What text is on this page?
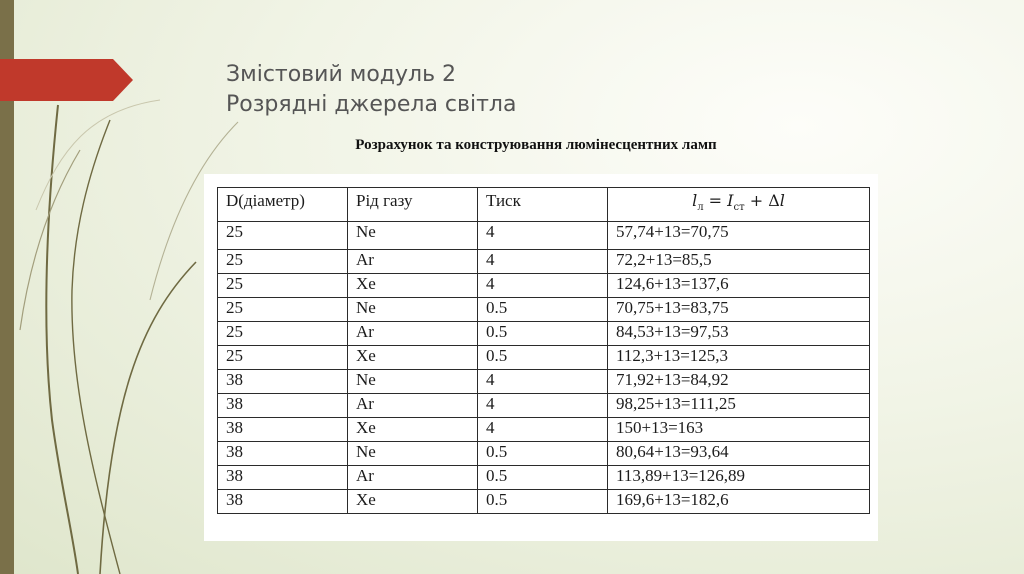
Змістовий модуль 2
Розрядні джерела світла

Розрахунок та конструювання люмінесцентних ламп

D(діаметр)	Рід газу	Тиск	$l_л = I_{ст} + \Delta l$
25	Ne	4	57,74+13=70,75
25	Ar	4	72,2+13=85,5
25	Xe	4	124,6+13=137,6
25	Ne	0.5	70,75+13=83,75
25	Ar	0.5	84,53+13=97,53
25	Xe	0.5	112,3+13=125,3
38	Ne	4	71,92+13=84,92
38	Ar	4	98,25+13=111,25
38	Xe	4	150+13=163
38	Ne	0.5	80,64+13=93,64
38	Ar	0.5	113,89+13=126,89
38	Xe	0.5	169,6+13=182,6
